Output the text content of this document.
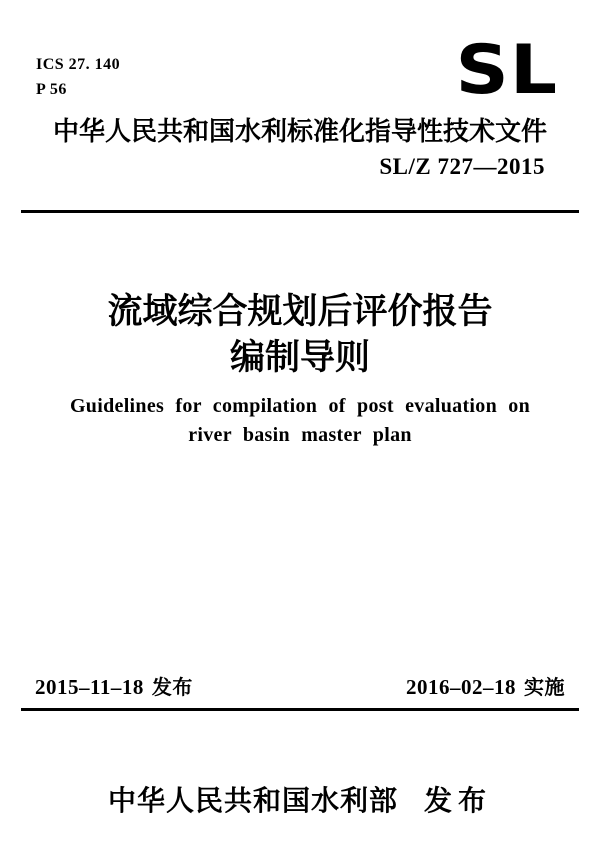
ICS 27. 140
P 56	SL
中华人民共和国水利标准化指导性技术文件
SL/Z 727—2015
流域综合规划后评价报告
编制导则
Guidelines for compilation of post evaluation on
river basin master plan
2015–11–18 发布	2016–02–18 实施
中华人民共和国水利部 发布
